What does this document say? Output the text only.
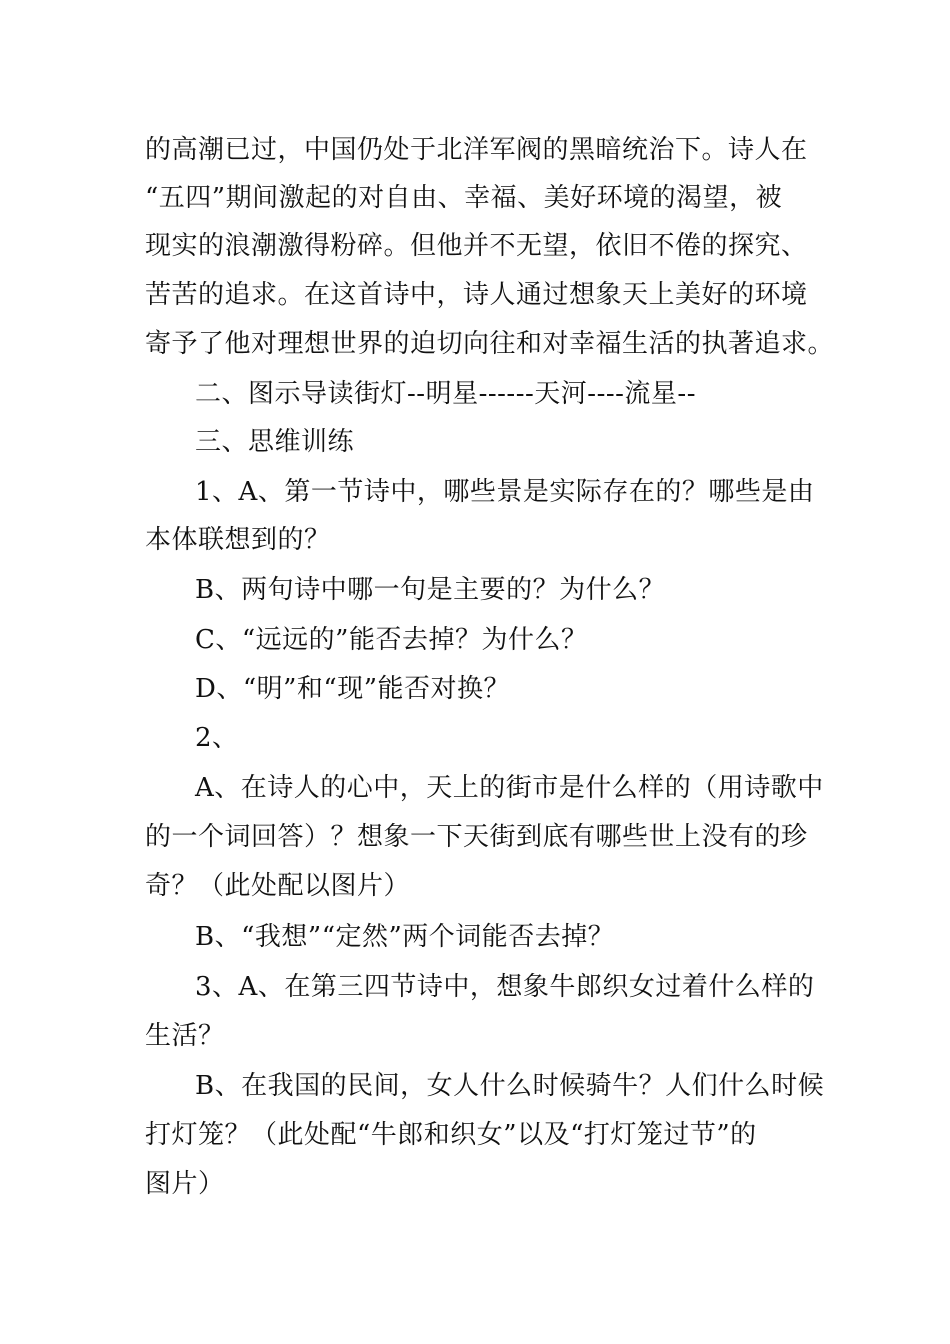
的高潮已过，中国仍处于北洋军阀的黑暗统治下。诗人在
“五四”期间激起的对自由、幸福、美好环境的渴望，被
现实的浪潮激得粉碎。但他并不无望，依旧不倦的探究、
苦苦的追求。在这首诗中，诗人通过想象天上美好的环境
寄予了他对理想世界的迫切向往和对幸福生活的执著追求。
二、图示导读街灯--明星------天河----流星--
三、思维训练
1、A、第一节诗中，哪些景是实际存在的？哪些是由
本体联想到的？
B、两句诗中哪一句是主要的？为什么？
C、“远远的”能否去掉？为什么？
D、“明”和“现”能否对换？
2、
A、在诗人的心中，天上的街市是什么样的（用诗歌中
的一个词回答）？想象一下天街到底有哪些世上没有的珍
奇？（此处配以图片）
B、“我想”“定然”两个词能否去掉？
3、A、在第三四节诗中，想象牛郎织女过着什么样的
生活？
B、在我国的民间，女人什么时候骑牛？人们什么时候
打灯笼？（此处配“牛郎和织女”以及“打灯笼过节”的
图片）
